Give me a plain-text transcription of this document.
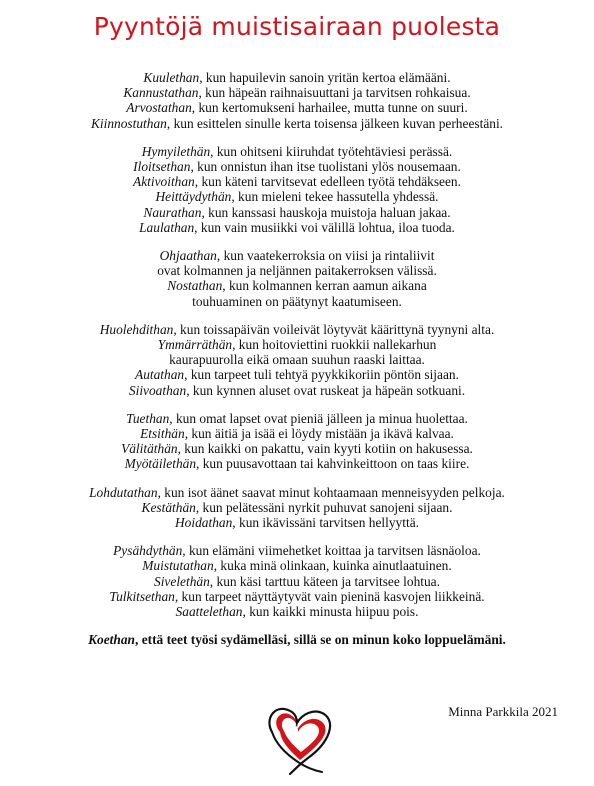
Pyyntöjä muistisairaan puolesta
Kuulethan, kun hapuilevin sanoin yritän kertoa elämääni.
Kannustathan, kun häpeän raihnaisuuttani ja tarvitsen rohkaisua.
Arvostathan, kun kertomukseni harhailee, mutta tunne on suuri.
Kiinnostuthan, kun esittelen sinulle kerta toisensa jälkeen kuvan perheestäni.
Hymyilethän, kun ohitseni kiiruhdat työtehtäviesi perässä.
Iloitsethan, kun onnistun ihan itse tuolistani ylös nousemaan.
Aktivoithan, kun käteni tarvitsevat edelleen työtä tehdäkseen.
Heittäydythän, kun mieleni tekee hassutella yhdessä.
Naurathan, kun kanssasi hauskoja muistoja haluan jakaa.
Laulathan, kun vain musiikki voi välillä lohtua, iloa tuoda.
Ohjaathan, kun vaatekerroksia on viisi ja rintaliivit
ovat kolmannen ja neljännen paitakerroksen välissä.
Nostathan, kun kolmannen kerran aamun aikana
touhuaminen on päätynyt kaatumiseen.
Huolehdithan, kun toissapäivän voileivät löytyvät käärittynä tyynyni alta.
Ymmärräthän, kun hoitoviettini ruokkii nallekarhun
kaurapuurolla eikä omaan suuhun raaski laittaa.
Autathan, kun tarpeet tuli tehtyä pyykkikoriin pöntön sijaan.
Siivoathan, kun kynnen aluset ovat ruskeat ja häpeän sotkuani.
Tuethan, kun omat lapset ovat pieniä jälleen ja minua huolettaa.
Etsithän, kun äitiä ja isää ei löydy mistään ja ikävä kalvaa.
Välitäthän, kun kaikki on pakattu, vain kyyti kotiin on hakusessa.
Myötäilethän, kun puusavottaan tai kahvinkeittoon on taas kiire.
Lohdutathan, kun isot äänet saavat minut kohtaamaan menneisyyden pelkoja.
Kestäthän, kun pelätessäni nyrkit puhuvat sanojeni sijaan.
Hoidathan, kun ikävissäni tarvitsen hellyyttä.
Pysähdythän, kun elämäni viimehetket koittaa ja tarvitsen läsnäoloa.
Muistutathan, kuka minä olinkaan, kuinka ainutlaatuinen.
Sivelethän, kun käsi tarttuu käteen ja tarvitsee lohtua.
Tulkitsethan, kun tarpeet näyttäytyvät vain pieninä kasvojen liikkeinä.
Saattelethan, kun kaikki minusta hiipuu pois.
Koethan, että teet työsi sydämelläsi, sillä se on minun koko loppuelämäni.
Minna Parkkila 2021
